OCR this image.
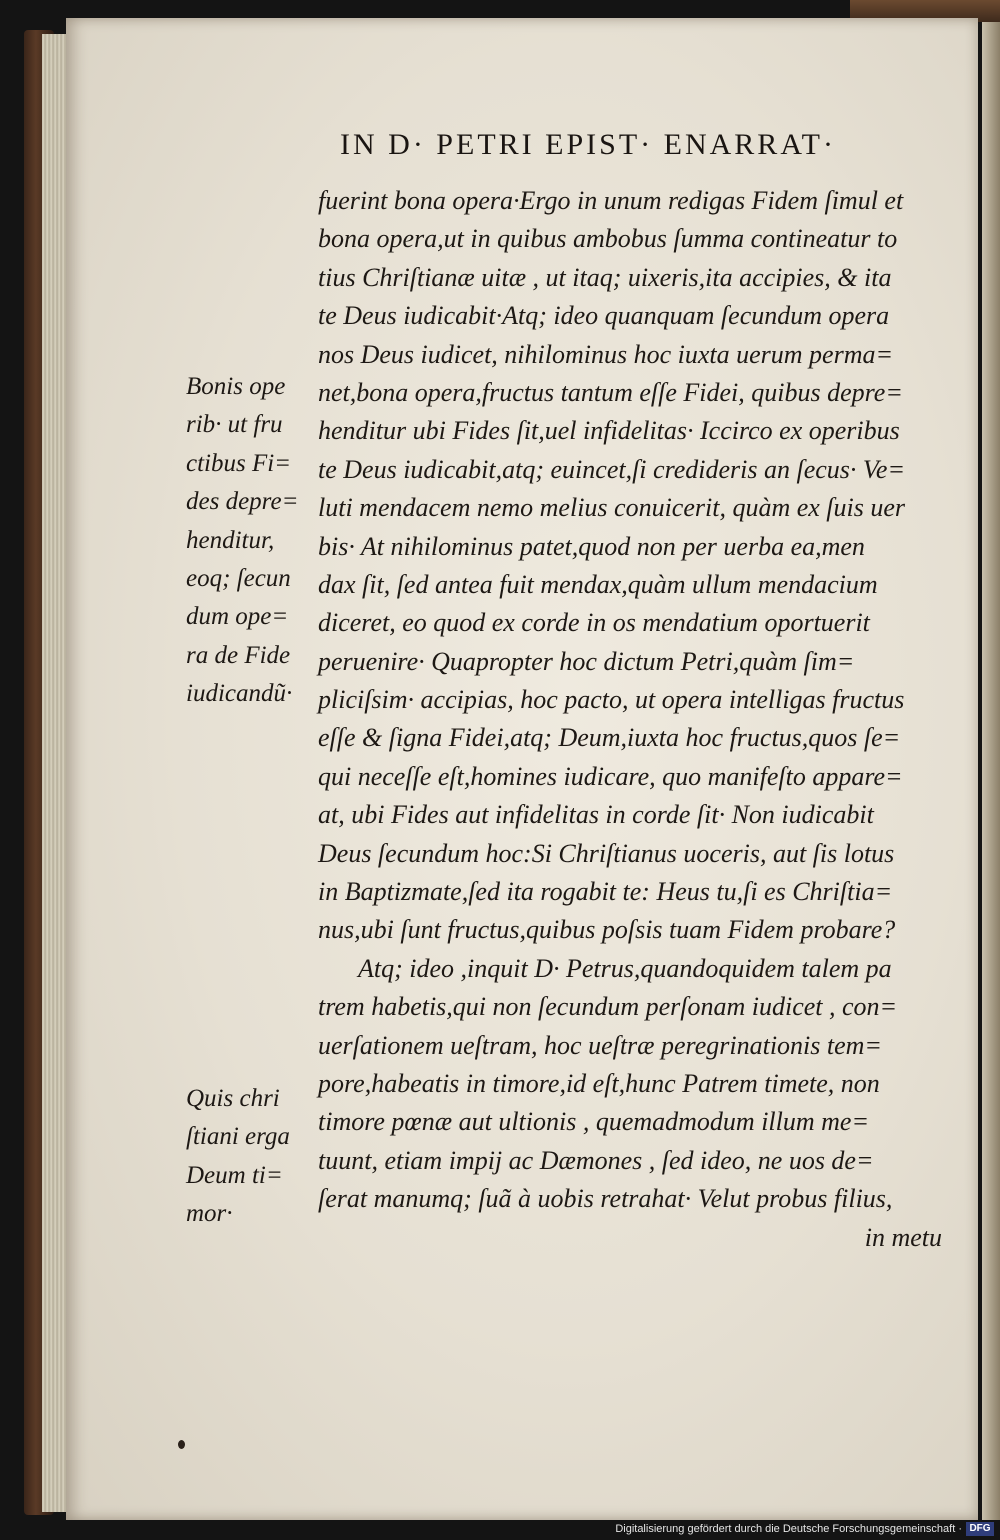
IN D· PETRI EPIST· ENARRAT·
fuerint bona opera·Ergo in unum redigas Fidem ſimul et
bona opera,ut in quibus ambobus ſumma contineatur to
tius Chriſtianæ uitæ , ut itaq; uixeris,ita accipies, & ita
te Deus iudicabit·Atq; ideo quanquam ſecundum opera
nos Deus iudicet, nihilominus hoc iuxta uerum perma=
net,bona opera,fructus tantum eſſe Fidei, quibus depre=
henditur ubi Fides ſit,uel infidelitas· Iccirco ex operibus
te Deus iudicabit,atq; euincet,ſi credideris an ſecus· Ve=
luti mendacem nemo melius conuicerit, quàm ex ſuis uer
bis· At nihilominus patet,quod non per uerba ea,men
dax ſit, ſed antea fuit mendax,quàm ullum mendacium
diceret, eo quod ex corde in os mendatium oportuerit
peruenire· Quapropter hoc dictum Petri,quàm ſim=
pliciſsim· accipias, hoc pacto, ut opera intelligas fructus
eſſe & ſigna Fidei,atq; Deum,iuxta hoc fructus,quos ſe=
qui neceſſe eſt,homines iudicare, quo manifeſto appare=
at, ubi Fides aut infidelitas in corde ſit· Non iudicabit
Deus ſecundum hoc:Si Chriſtianus uoceris, aut ſis lotus
in Baptizmate,ſed ita rogabit te: Heus tu,ſi es Chriſtia=
nus,ubi ſunt fructus,quibus poſsis tuam Fidem probare?
Atq; ideo ,inquit D· Petrus,quandoquidem talem pa
trem habetis,qui non ſecundum perſonam iudicet , con=
uerſationem ueſtram, hoc ueſtræ peregrinationis tem=
pore,habeatis in timore,id eſt,hunc Patrem timete, non
timore pœnæ aut ultionis , quemadmodum illum me=
tuunt, etiam impij ac Dæmones , ſed ideo, ne uos de=
ſerat manumq; ſuã à uobis retrahat· Velut probus filius,
in metu
Bonis ope
rib· ut fru
ctibus Fi=
des depre=
henditur,
eoq; ſecun
dum ope=
ra de Fide
iudicandũ·
Quis chri
ſtiani erga
Deum ti=
mor·
Digitalisierung gefördert durch die Deutsche Forschungsgemeinschaft · DFG
